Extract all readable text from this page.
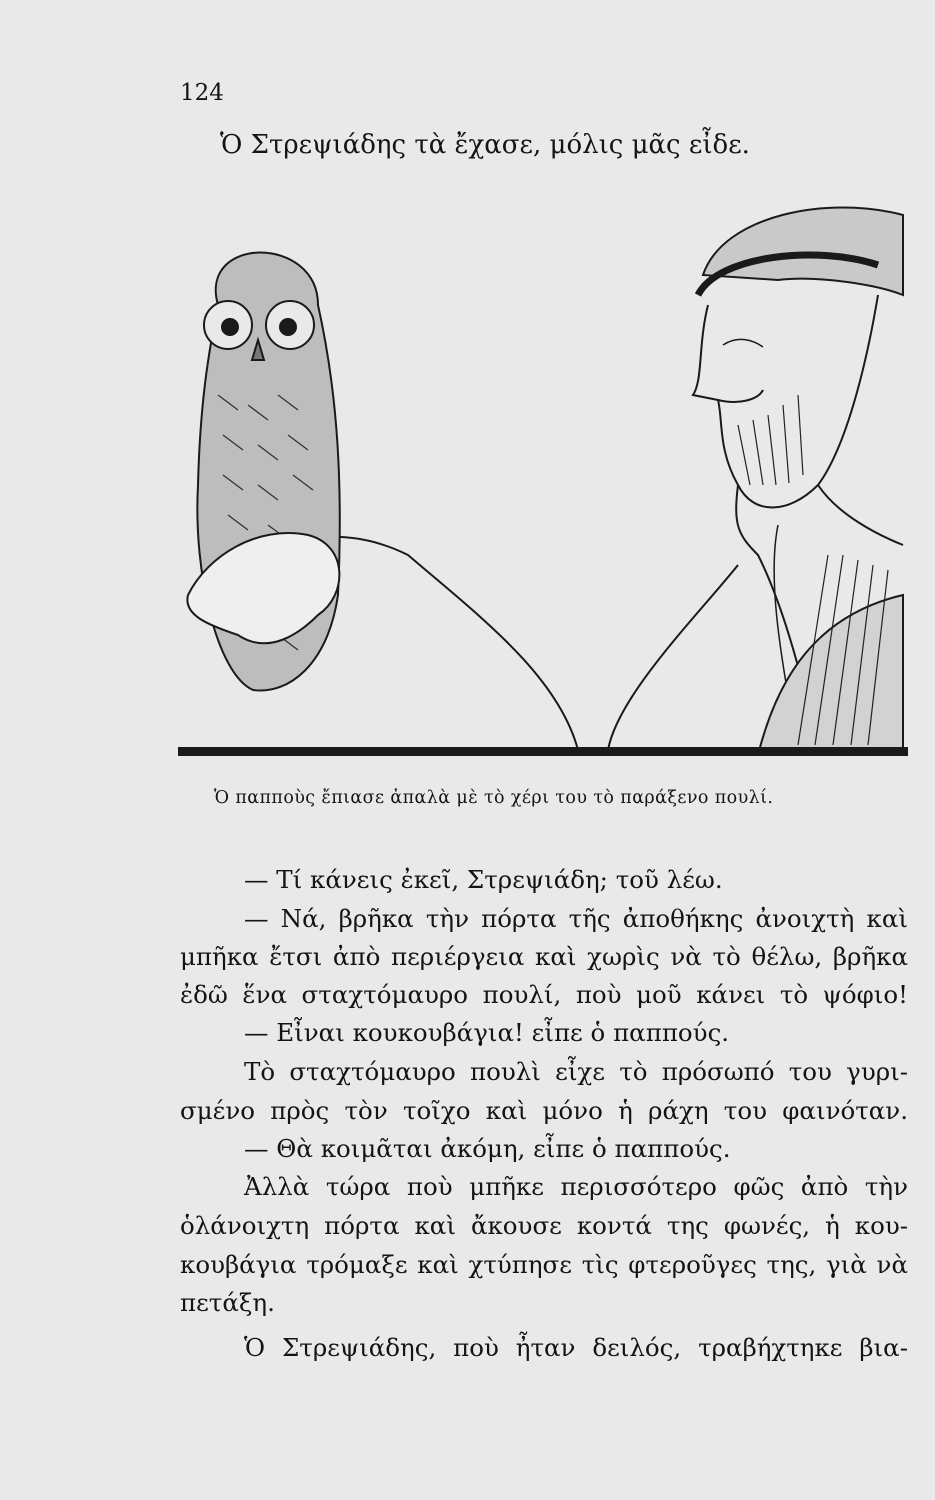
124
Ὁ Στρεψιάδης τὰ ἔχασε, μόλις μᾶς εἶδε.
Ὁ παπποὺς ἔπιασε ἁπαλὰ μὲ τὸ χέρι του τὸ παράξενο πουλί.
— Τί κάνεις ἐκεῖ, Στρεψιάδη; τοῦ λέω.
— Νά, βρῆκα τὴν πόρτα τῆς ἀποθήκης ἀνοιχτὴ καὶ
μπῆκα ἔτσι ἀπὸ περιέργεια καὶ χωρὶς νὰ τὸ θέλω, βρῆκα
ἐδῶ ἕνα σταχτόμαυρο πουλί, ποὺ μοῦ κάνει τὸ ψόφιο!
— Εἶναι κουκουβάγια! εἶπε ὁ παππούς.
Τὸ σταχτόμαυρο πουλὶ εἶχε τὸ πρόσωπό του γυρι-
σμένο πρὸς τὸν τοῖχο καὶ μόνο ἡ ράχη του φαινόταν.
— Θὰ κοιμᾶται ἀκόμη, εἶπε ὁ παππούς.
Ἀλλὰ τώρα ποὺ μπῆκε περισσότερο φῶς ἀπὸ τὴν
ὁλάνοιχτη πόρτα καὶ ἄκουσε κοντά της φωνές, ἡ κου-
κουβάγια τρόμαξε καὶ χτύπησε τὶς φτεροῦγες της, γιὰ νὰ
πετάξη.
Ὁ Στρεψιάδης, ποὺ ἦταν δειλός, τραβήχτηκε βια-
